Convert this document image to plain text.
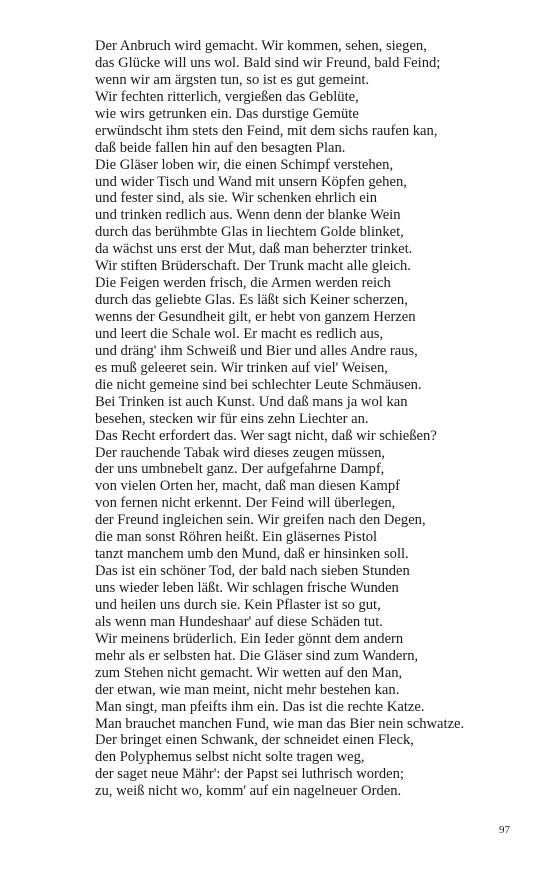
Der Anbruch wird gemacht. Wir kommen, sehen, siegen,
das Glücke will uns wol. Bald sind wir Freund, bald Feind;
wenn wir am ärgsten tun, so ist es gut gemeint.
Wir fechten ritterlich, vergießen das Geblüte,
wie wirs getrunken ein. Das durstige Gemüte
erwündscht ihm stets den Feind, mit dem sichs raufen kan,
daß beide fallen hin auf den besagten Plan.
Die Gläser loben wir, die einen Schimpf verstehen,
und wider Tisch und Wand mit unsern Köpfen gehen,
und fester sind, als sie. Wir schenken ehrlich ein
und trinken redlich aus. Wenn denn der blanke Wein
durch das berühmbte Glas in liechtem Golde blinket,
da wächst uns erst der Mut, daß man beherzter trinket.
Wir stiften Brüderschaft. Der Trunk macht alle gleich.
Die Feigen werden frisch, die Armen werden reich
durch das geliebte Glas. Es läßt sich Keiner scherzen,
wenns der Gesundheit gilt, er hebt von ganzem Herzen
und leert die Schale wol. Er macht es redlich aus,
und dräng' ihm Schweiß und Bier und alles Andre raus,
es muß geleeret sein. Wir trinken auf viel' Weisen,
die nicht gemeine sind bei schlechter Leute Schmäusen.
Bei Trinken ist auch Kunst. Und daß mans ja wol kan
besehen, stecken wir für eins zehn Liechter an.
Das Recht erfordert das. Wer sagt nicht, daß wir schießen?
Der rauchende Tabak wird dieses zeugen müssen,
der uns umbnebelt ganz. Der aufgefahrne Dampf,
von vielen Orten her, macht, daß man diesen Kampf
von fernen nicht erkennt. Der Feind will überlegen,
der Freund ingleichen sein. Wir greifen nach den Degen,
die man sonst Röhren heißt. Ein gläsernes Pistol
tanzt manchem umb den Mund, daß er hinsinken soll.
Das ist ein schöner Tod, der bald nach sieben Stunden
uns wieder leben läßt. Wir schlagen frische Wunden
und heilen uns durch sie. Kein Pflaster ist so gut,
als wenn man Hundeshaar' auf diese Schäden tut.
Wir meinens brüderlich. Ein Ieder gönnt dem andern
mehr als er selbsten hat. Die Gläser sind zum Wandern,
zum Stehen nicht gemacht. Wir wetten auf den Man,
der etwan, wie man meint, nicht mehr bestehen kan.
Man singt, man pfeifts ihm ein. Das ist die rechte Katze.
Man brauchet manchen Fund, wie man das Bier nein schwatze.
Der bringet einen Schwank, der schneidet einen Fleck,
den Polyphemus selbst nicht solte tragen weg,
der saget neue Mähr': der Papst sei luthrisch worden;
zu, weiß nicht wo, komm' auf ein nagelneuer Orden.
97
